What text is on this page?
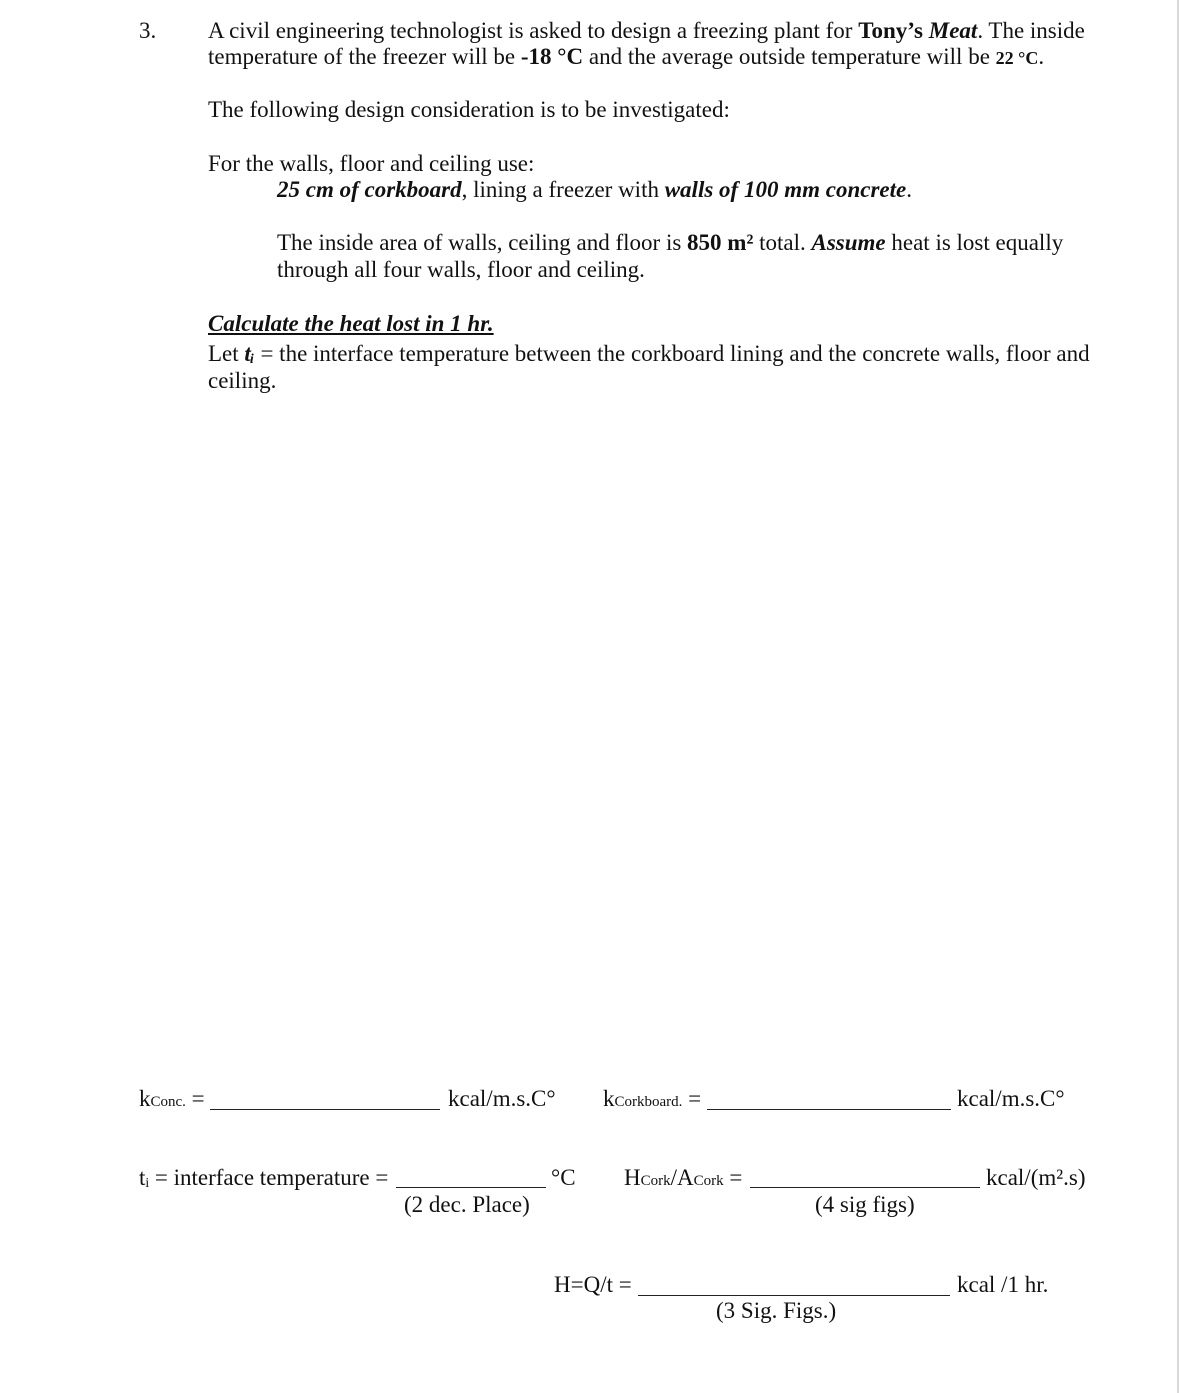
3. A civil engineering technologist is asked to design a freezing plant for Tony’s Meat. The inside
temperature of the freezer will be -18 °C and the average outside temperature will be 22 °C.
The following design consideration is to be investigated:
For the walls, floor and ceiling use:
25 cm of corkboard, lining a freezer with walls of 100 mm concrete.
The inside area of walls, ceiling and floor is 850 m² total. Assume heat is lost equally
through all four walls, floor and ceiling.
Calculate the heat lost in 1 hr.
Let tᵢ = the interface temperature between the corkboard lining and the concrete walls, floor and
ceiling.
kConc. =	kcal/m.s.C° kCorkboard. =	kcal/m.s.C°
tᵢ = interface temperature =	°C
(2 dec. Place)
HCork/ACork =	kcal/(m².s)
(4 sig figs)
H=Q/t =	kcal /1 hr.
(3 Sig. Figs.)
